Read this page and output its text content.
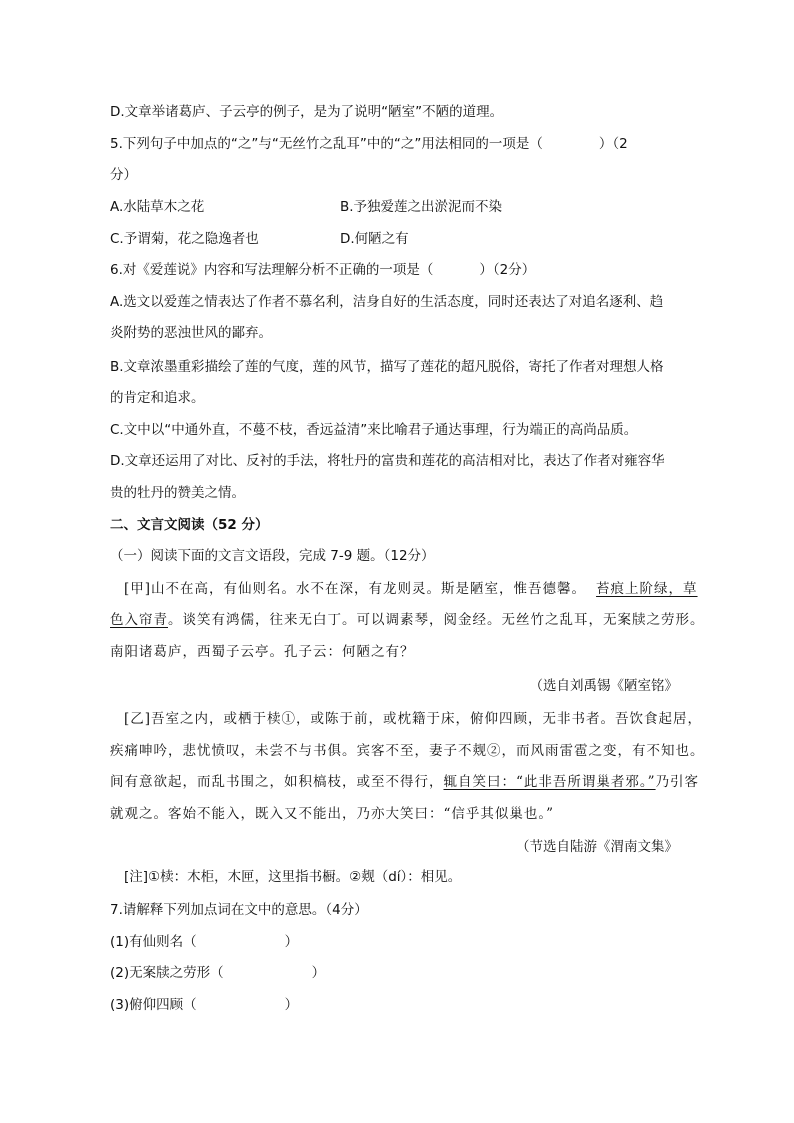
D.文章举诸葛庐、子云亭的例子，是为了说明“陋室”不陋的道理。
5.下列句子中加点的“之”与“无丝竹之乱耳”中的“之”用法相同的一项是（	）（2
分）
A.水陆草木之花	B.予独爱莲之出淤泥而不染
C.予谓菊，花之隐逸者也	D.何陋之有
6.对《爱莲说》内容和写法理解分析不正确的一项是（	）（2分）
A.选文以爱莲之情表达了作者不慕名利，洁身自好的生活态度，同时还表达了对追名逐利、趋
炎附势的恶浊世风的鄙弃。
B.文章浓墨重彩描绘了莲的气度，莲的风节，描写了莲花的超凡脱俗，寄托了作者对理想人格
的肯定和追求。
C.文中以“中通外直，不蔓不枝，香远益清”来比喻君子通达事理，行为端正的高尚品质。
D.文章还运用了对比、反衬的手法，将牡丹的富贵和莲花的高洁相对比，表达了作者对雍容华
贵的牡丹的赞美之情。
二、文言文阅读（52 分）
（一）阅读下面的文言文语段，完成 7-9 题。（12分）
[甲]山不在高，有仙则名。水不在深，有龙则灵。斯是陋室，惟吾德馨。 苔痕上阶绿，草
色入帘青。谈笑有鸿儒，往来无白丁。可以调素琴，阅金经。无丝竹之乱耳，无案牍之劳形。
南阳诸葛庐，西蜀子云亭。孔子云：何陋之有？
（选自刘禹锡《陋室铭》
[乙]吾室之内，或栖于椟①，或陈于前，或枕籍于床，俯仰四顾，无非书者。吾饮食起居，
疾痛呻吟，悲忧愤叹，未尝不与书俱。宾客不至，妻子不觌②，而风雨雷雹之变，有不知也。
间有意欲起，而乱书围之，如积槁枝，或至不得行，辄自笑曰：“此非吾所谓巢者邪。”乃引客
就观之。客始不能入，既入又不能出，乃亦大笑曰：“信乎其似巢也。”
（节选自陆游《渭南文集》
[注]①椟：木柜，木匣，这里指书橱。②觌（dí）：相见。
7.请解释下列加点词在文中的意思。（4分）
(1)有仙则名（	）
(2)无案牍之劳形（	）
(3)俯仰四顾（	）
